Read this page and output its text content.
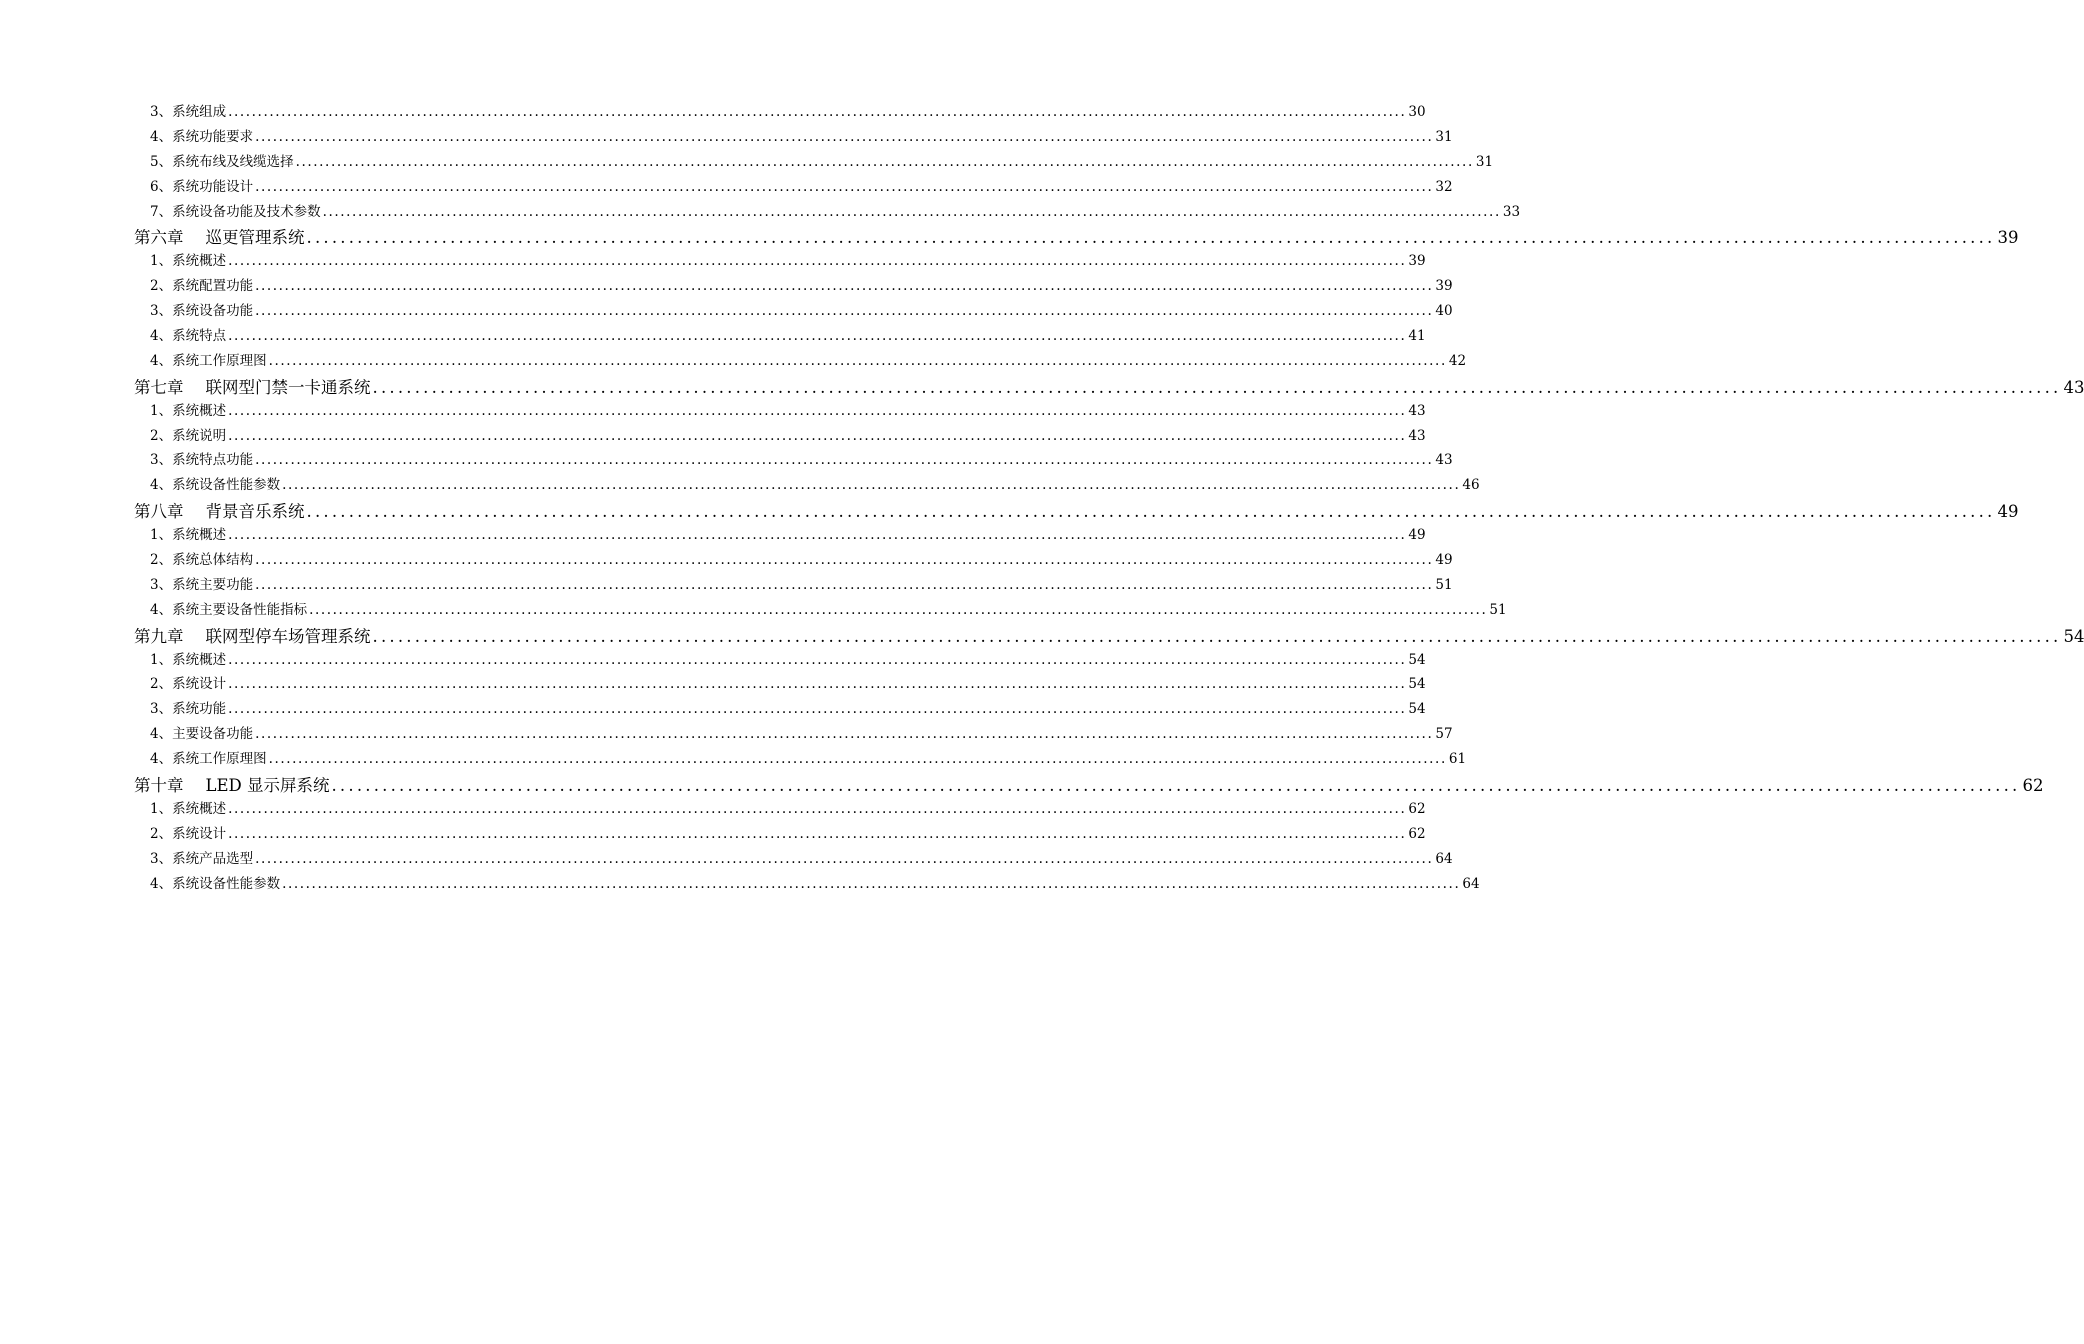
3、系统组成 ........................................................................................................................................................................................................ 30
4、系统功能要求 ........................................................................................................................................................................................................ 31
5、系统布线及线缆选择 ........................................................................................................................................................................................................ 31
6、系统功能设计 ........................................................................................................................................................................................................ 32
7、系统设备功能及技术参数 ........................................................................................................................................................................................................ 33
第六章 巡更管理系统 ........................................................................................................................................................................................................ 39
1、系统概述 ........................................................................................................................................................................................................ 39
2、系统配置功能 ........................................................................................................................................................................................................ 39
3、系统设备功能 ........................................................................................................................................................................................................ 40
4、系统特点 ........................................................................................................................................................................................................ 41
4、系统工作原理图 ........................................................................................................................................................................................................ 42
第七章 联网型门禁一卡通系统 ........................................................................................................................................................................................................ 43
1、系统概述 ........................................................................................................................................................................................................ 43
2、系统说明 ........................................................................................................................................................................................................ 43
3、系统特点功能 ........................................................................................................................................................................................................ 43
4、系统设备性能参数 ........................................................................................................................................................................................................ 46
第八章 背景音乐系统 ........................................................................................................................................................................................................ 49
1、系统概述 ........................................................................................................................................................................................................ 49
2、系统总体结构 ........................................................................................................................................................................................................ 49
3、系统主要功能 ........................................................................................................................................................................................................ 51
4、系统主要设备性能指标 ........................................................................................................................................................................................................ 51
第九章 联网型停车场管理系统 ........................................................................................................................................................................................................ 54
1、系统概述 ........................................................................................................................................................................................................ 54
2、系统设计 ........................................................................................................................................................................................................ 54
3、系统功能 ........................................................................................................................................................................................................ 54
4、主要设备功能 ........................................................................................................................................................................................................ 57
4、系统工作原理图 ........................................................................................................................................................................................................ 61
第十章 LED 显示屏系统 ........................................................................................................................................................................................................ 62
1、系统概述 ........................................................................................................................................................................................................ 62
2、系统设计 ........................................................................................................................................................................................................ 62
3、系统产品选型 ........................................................................................................................................................................................................ 64
4、系统设备性能参数 ........................................................................................................................................................................................................ 64
